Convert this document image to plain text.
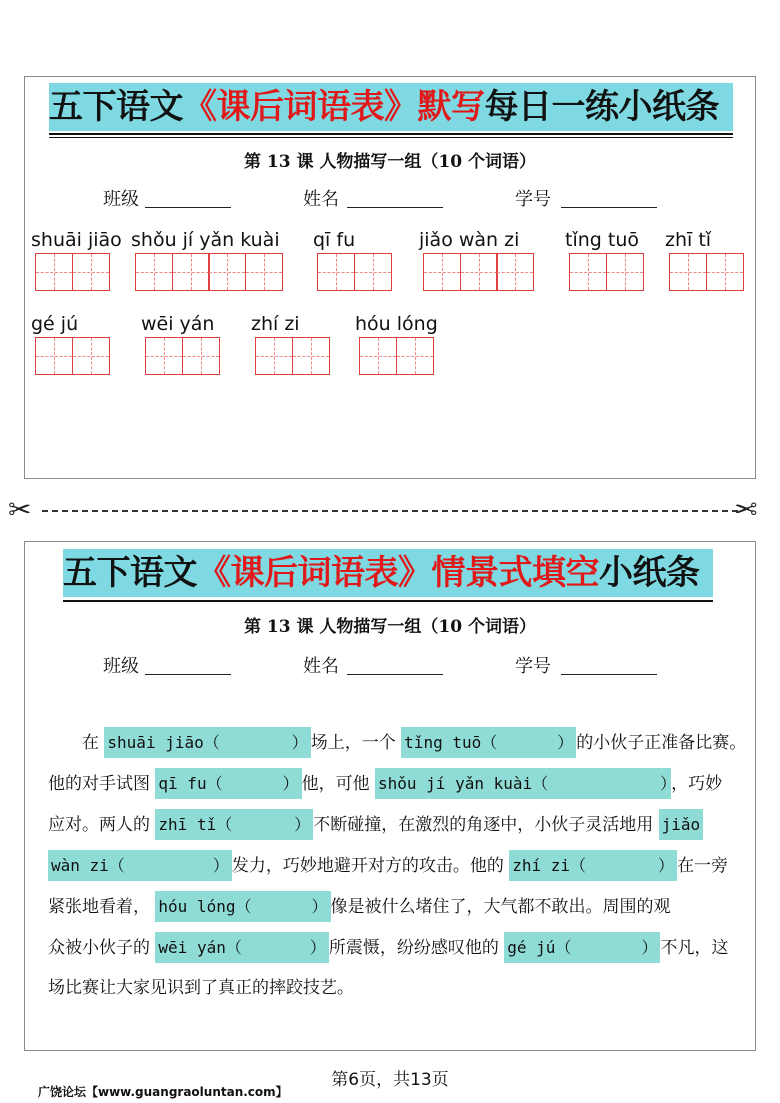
五下语文《课后词语表》默写每日一练小纸条
第 13 课 人物描写一组（10 个词语）
班级	姓名	学号
shuāi jiāo shǒu jí yǎn kuài qī fu	jiǎo wàn zi tǐng tuō zhī tǐ
gé jú	wēi yán zhí zi	hóu lóng
✂	✂
五下语文《课后词语表》情景式填空小纸条
第 13 课 人物描写一组（10 个词语）
班级	姓名	学号
　　在 shuāi jiāo（	） 场上，一个 tǐng tuō（	） 的小伙子正准备比赛。
他的对手试图 qī fu（	） 他，可他 shǒu jí yǎn kuài（	） ，巧妙
应对。两人的 zhī tǐ（	） 不断碰撞，在激烈的角逐中，小伙子灵活地用 jiǎo
wàn zi（	） 发力，巧妙地避开对方的攻击。他的 zhí zi（	） 在一旁
紧张地看着， hóu lóng（	） 像是被什么堵住了，大气都不敢出。周围的观
众被小伙子的 wēi yán（	） 所震慑，纷纷感叹他的 gé jú（	） 不凡，这
场比赛让大家见识到了真正的摔跤技艺。
第6页，共13页
广饶论坛【www.guangraoluntan.com】
